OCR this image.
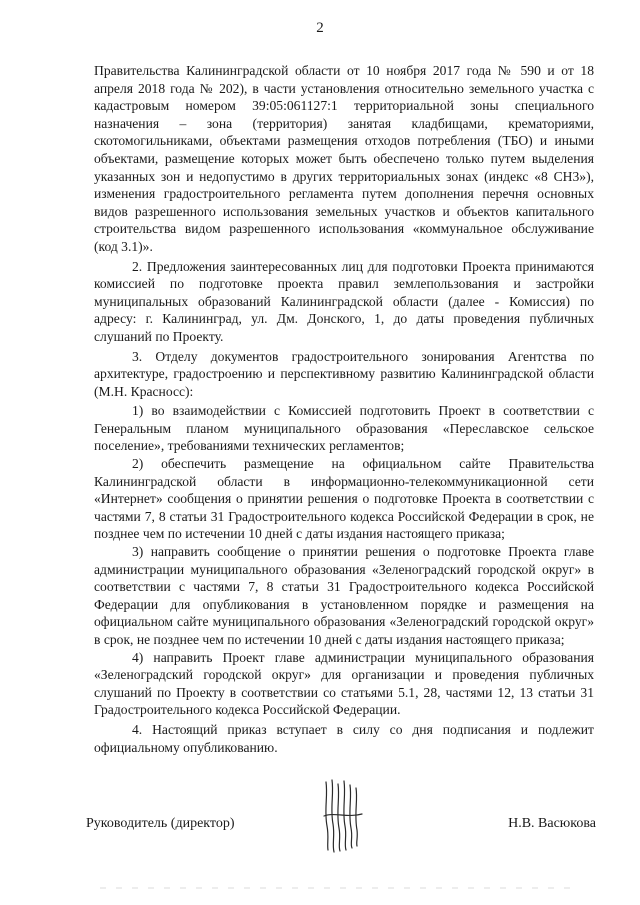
2

Правительства Калининградской области от 10 ноября 2017 года № 590 и от 18 апреля 2018 года № 202), в части установления относительно земельного участка с кадастровым номером 39:05:061127:1 территориальной зоны специального назначения – зона (территория) занятая кладбищами, крематориями, скотомогильниками, объектами размещения отходов потребления (ТБО) и иными объектами, размещение которых может быть обеспечено только путем выделения указанных зон и недопустимо в других территориальных зонах (индекс «8 СН3»), изменения градостроительного регламента путем дополнения перечня основных видов разрешенного использования земельных участков и объектов капитального строительства видом разрешенного использования «коммунальное обслуживание (код 3.1)».

2. Предложения заинтересованных лиц для подготовки Проекта принимаются комиссией по подготовке проекта правил землепользования и застройки муниципальных образований Калининградской области (далее - Комиссия) по адресу: г. Калининград, ул. Дм. Донского, 1, до даты проведения публичных слушаний по Проекту.

3. Отделу документов градостроительного зонирования Агентства по архитектуре, градостроению и перспективному развитию Калининградской области (М.Н. Красносс):

1) во взаимодействии с Комиссией подготовить Проект в соответствии с Генеральным планом муниципального образования «Переславское сельское поселение», требованиями технических регламентов;

2) обеспечить размещение на официальном сайте Правительства Калининградской области в информационно-телекоммуникационной сети «Интернет» сообщения о принятии решения о подготовке Проекта в соответствии с частями 7, 8 статьи 31 Градостроительного кодекса Российской Федерации в срок, не позднее чем по истечении 10 дней с даты издания настоящего приказа;

3) направить сообщение о принятии решения о подготовке Проекта главе администрации муниципального образования «Зеленоградский городской округ» в соответствии с частями 7, 8 статьи 31 Градостроительного кодекса Российской Федерации для опубликования в установленном порядке и размещения на официальном сайте муниципального образования «Зеленоградский городской округ» в срок, не позднее чем по истечении 10 дней с даты издания настоящего приказа;

4) направить Проект главе администрации муниципального образования «Зеленоградский городской округ» для организации и проведения публичных слушаний по Проекту в соответствии со статьями 5.1, 28, частями 12, 13 статьи 31 Градостроительного кодекса Российской Федерации.

4. Настоящий приказ вступает в силу со дня подписания и подлежит официальному опубликованию.

Руководитель (директор)	Н.В. Васюкова
